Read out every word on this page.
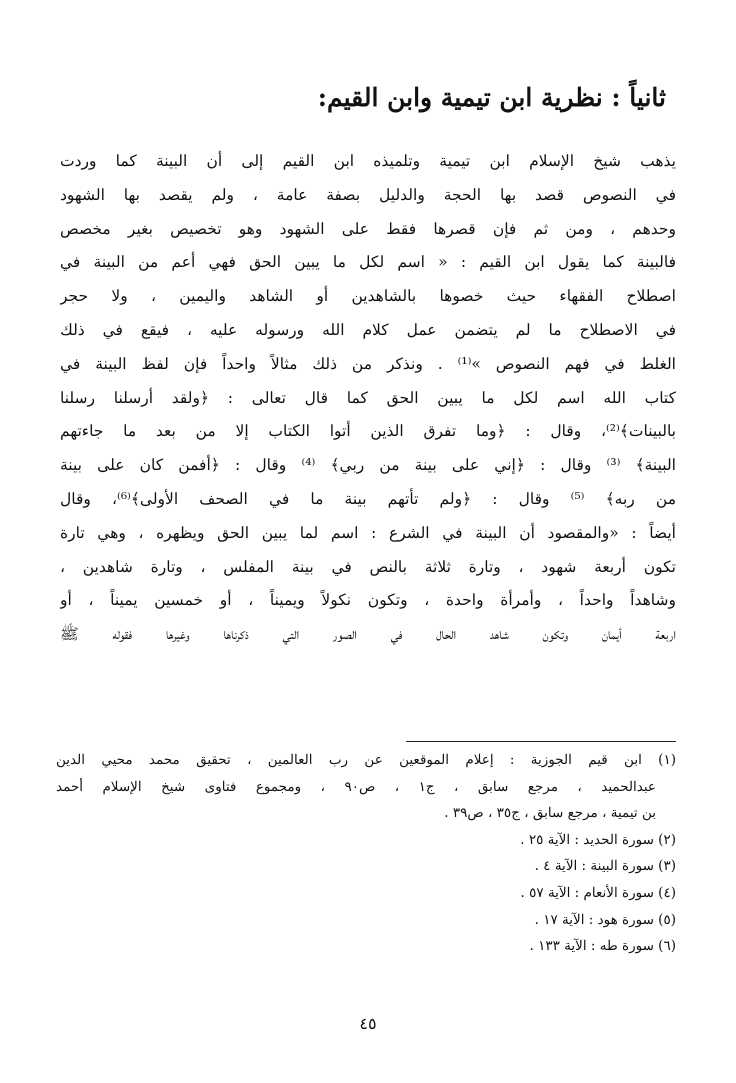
ثانياً : نظرية ابن تيمية وابن القيم:
يذهب شيخ الإسلام ابن تيمية وتلميذه ابن القيم إلى أن البينة كما وردت
في النصوص قصد بها الحجة والدليل بصفة عامة ، ولم يقصد بها الشهود
وحدهم ، ومن ثم فإن قصرها فقط على الشهود وهو تخصيص بغير مخصص
فالبينة كما يقول ابن القيم : « اسم لكل ما يبين الحق فهي أعم من البينة في
اصطلاح الفقهاء حيث خصوها بالشاهدين أو الشاهد واليمين ، ولا حجر
في الاصطلاح ما لم يتضمن عمل كلام الله ورسوله عليه ، فيقع في ذلك
الغلط في فهم النصوص »⁽¹⁾ . ونذكر من ذلك مثالاً واحداً فإن لفظ البينة في
كتاب الله اسم لكل ما يبين الحق كما قال تعالى : ﴿ولقد أرسلنا رسلنا
بالبينات﴾⁽²⁾، وقال : ﴿وما تفرق الذين أتوا الكتاب إلا من بعد ما جاءتهم
البينة﴾ ⁽³⁾ وقال : ﴿إني على بينة من ربي﴾ ⁽⁴⁾ وقال : ﴿أفمن كان على بينة
من ربه﴾ ⁽⁵⁾ وقال : ﴿ولم تأتهم بينة ما في الصحف الأولى﴾⁽⁶⁾، وقال
أيضاً : «والمقصود أن البينة في الشرع : اسم لما يبين الحق ويظهره ، وهي تارة
تكون أربعة شهود ، وتارة ثلاثة بالنص في بينة المفلس ، وتارة شاهدين ،
وشاهداً واحداً ، وأمرأة واحدة ، وتكون نكولاً ويميناً ، أو خمسين يميناً ، أو
اربعة أيمان وتكون شاهد الحال في الصور التي ذكرناها وغيرها فقوله ﷺ
(١) ابن قيم الجوزية : إعلام الموقعين عن رب العالمين ، تحقيق محمد محيي الدين
عبدالحميد ، مرجع سابق ، ج١ ، ص٩٠ ، ومجموع فتاوى شيخ الإسلام أحمد
بن تيمية ، مرجع سابق ، ج٣٥ ، ص٣٩ .
(٢) سورة الحديد : الآية ٢٥ .
(٣) سورة البينة : الآية ٤ .
(٤) سورة الأنعام : الآية ٥٧ .
(٥) سورة هود : الآية ١٧ .
(٦) سورة طه : الآية ١٣٣ .
٤٥
